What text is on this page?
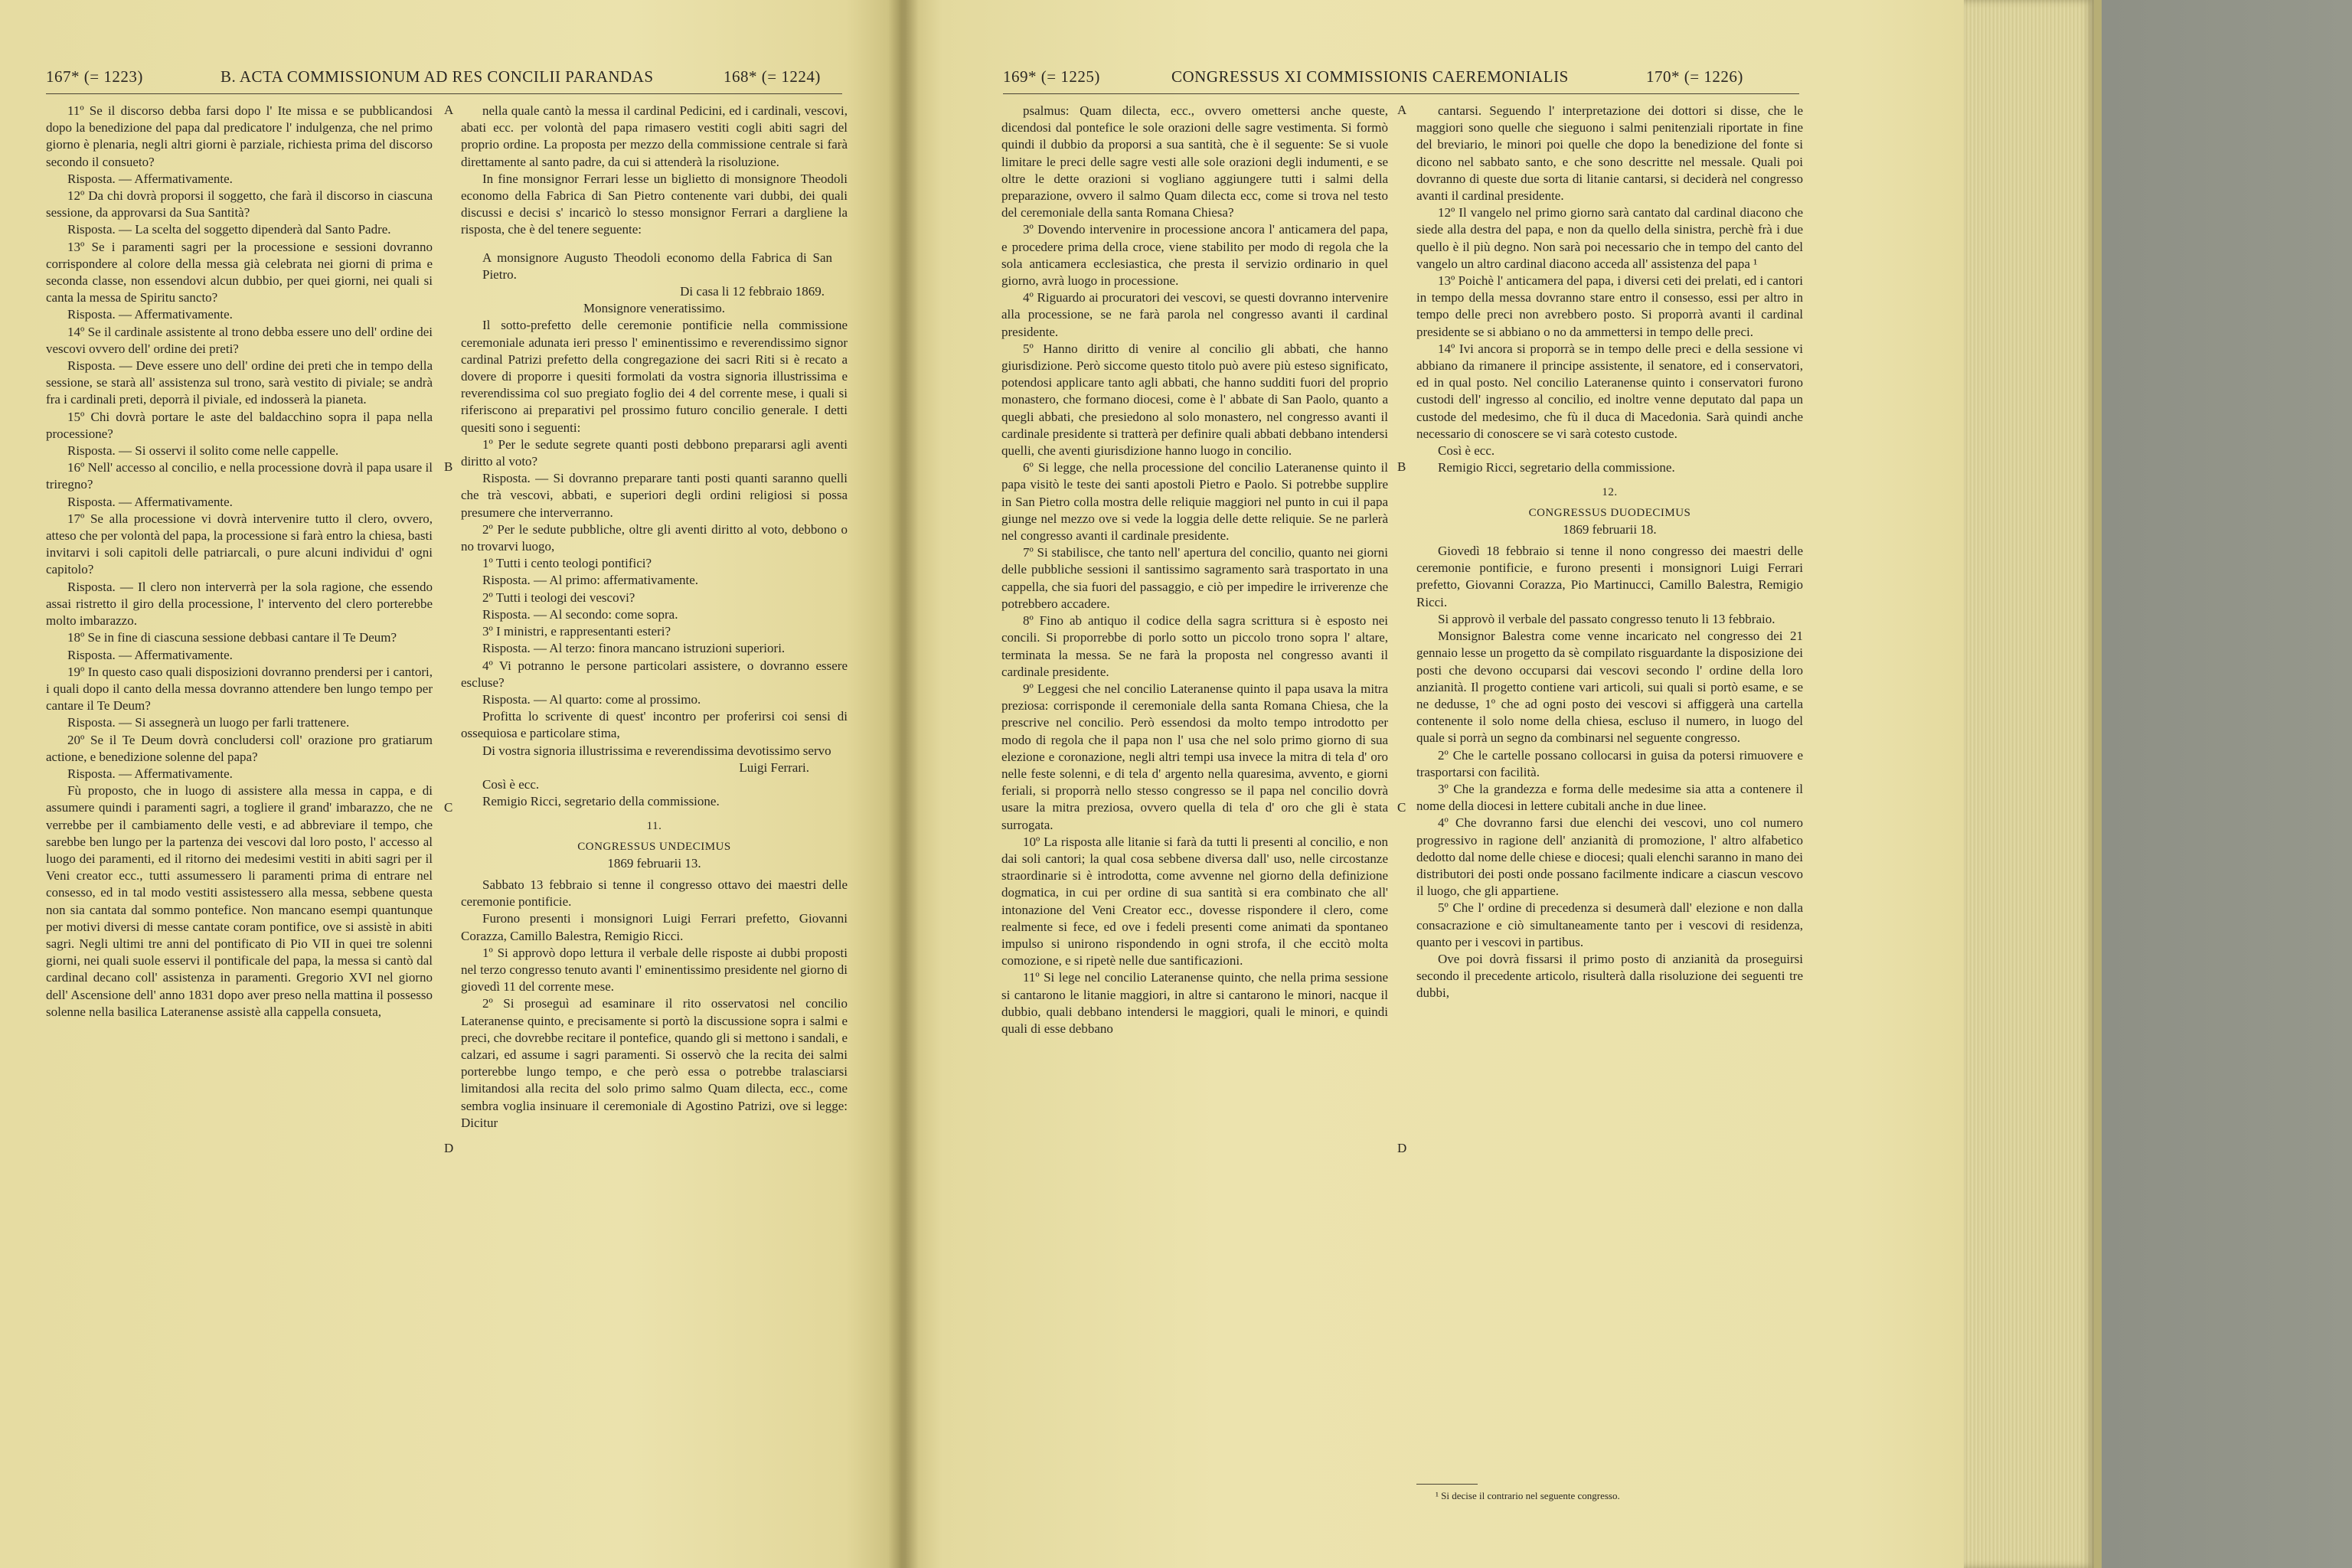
167* (= 1223)	B. ACTA COMMISSIONUM AD RES CONCILII PARANDAS	168* (= 1224)

11º Se il discorso debba farsi dopo l' Ite missa e se pubblicandosi dopo la benedizione del papa dal predicatore l' indulgenza, che nel primo giorno è plenaria, negli altri giorni è parziale, richiesta prima del discorso secondo il consueto?

Risposta. — Affermativamente.

12º Da chi dovrà proporsi il soggetto, che farà il discorso in ciascuna sessione, da approvarsi da Sua Santità?

Risposta. — La scelta del soggetto dipenderà dal Santo Padre.

13º Se i paramenti sagri per la processione e sessioni dovranno corrispondere al colore della messa già celebrata nei giorni di prima e seconda classe, non essendovi alcun dubbio, per quei giorni, nei quali si canta la messa de Spiritu sancto?

Risposta. — Affermativamente.

14º Se il cardinale assistente al trono debba essere uno dell' ordine dei vescovi ovvero dell' ordine dei preti?

Risposta. — Deve essere uno dell' ordine dei preti che in tempo della sessione, se starà all' assistenza sul trono, sarà vestito di piviale; se andrà fra i cardinali preti, deporrà il piviale, ed indosserà la pianeta.

15º Chi dovrà portare le aste del baldacchino sopra il papa nella processione?

Risposta. — Si osservi il solito come nelle cappelle.

16º Nell' accesso al concilio, e nella processione dovrà il papa usare il triregno?

Risposta. — Affermativamente.

17º Se alla processione vi dovrà intervenire tutto il clero, ovvero, atteso che per volontà del papa, la processione si farà entro la chiesa, basti invitarvi i soli capitoli delle patriarcali, o pure alcuni individui d' ogni capitolo?

Risposta. — Il clero non interverrà per la sola ragione, che essendo assai ristretto il giro della processione, l' intervento del clero porterebbe molto imbarazzo.

18º Se in fine di ciascuna sessione debbasi cantare il Te Deum?

Risposta. — Affermativamente.

19º In questo caso quali disposizioni dovranno prendersi per i cantori, i quali dopo il canto della messa dovranno attendere ben lungo tempo per cantare il Te Deum?

Risposta. — Si assegnerà un luogo per farli trattenere.

20º Se il Te Deum dovrà concludersi coll' orazione pro gratiarum actione, e benedizione solenne del papa?

Risposta. — Affermativamente.

Fù proposto, che in luogo di assistere alla messa in cappa, e di assumere quindi i paramenti sagri, a togliere il grand' imbarazzo, che ne verrebbe per il cambiamento delle vesti, e ad abbreviare il tempo, che sarebbe ben lungo per la partenza dei vescovi dal loro posto, l' accesso al luogo dei paramenti, ed il ritorno dei medesimi vestiti in abiti sagri per il Veni creator ecc., tutti assumessero li paramenti prima di entrare nel consesso, ed in tal modo vestiti assistessero alla messa, sebbene questa non sia cantata dal sommo pontefice. Non mancano esempi quantunque per motivi diversi di messe cantate coram pontifice, ove si assistè in abiti sagri. Negli ultimi tre anni del pontificato di Pio VII in quei tre solenni giorni, nei quali suole esservi il pontificale del papa, la messa si cantò dal cardinal decano coll' assistenza in paramenti. Gregorio XVI nel giorno dell' Ascensione dell' anno 1831 dopo aver preso nella mattina il possesso solenne nella basilica Lateranense assistè alla cappella consueta,

nella quale cantò la messa il cardinal Pedicini, ed i cardinali, vescovi, abati ecc. per volontà del papa rimasero vestiti cogli abiti sagri del proprio ordine. La proposta per mezzo della commissione centrale si farà direttamente al santo padre, da cui si attenderà la risoluzione.

In fine monsignor Ferrari lesse un biglietto di monsignore Theodoli economo della Fabrica di San Pietro contenente vari dubbi, dei quali discussi e decisi s' incaricò lo stesso monsignor Ferrari a dargliene la risposta, che è del tenere seguente:

A monsignore Augusto Theodoli economo della Fabrica di San Pietro.

Di casa li 12 febbraio 1869.

Monsignore veneratissimo.

Il sotto-prefetto delle ceremonie pontificie nella commissione ceremoniale adunata ieri presso l' eminentissimo e reverendissimo signor cardinal Patrizi prefetto della congregazione dei sacri Riti si è recato a dovere di proporre i quesiti formolati da vostra signoria illustrissima e reverendissima col suo pregiato foglio dei 4 del corrente mese, i quali si riferiscono ai preparativi pel prossimo futuro concilio generale. I detti quesiti sono i seguenti:

1º Per le sedute segrete quanti posti debbono prepararsi agli aventi diritto al voto?

Risposta. — Si dovranno preparare tanti posti quanti saranno quelli che trà vescovi, abbati, e superiori degli ordini religiosi si possa presumere che interverranno.

2º Per le sedute pubbliche, oltre gli aventi diritto al voto, debbono o no trovarvi luogo,

1º Tutti i cento teologi pontifici?

Risposta. — Al primo: affermativamente.

2º Tutti i teologi dei vescovi?

Risposta. — Al secondo: come sopra.

3º I ministri, e rappresentanti esteri?

Risposta. — Al terzo: finora mancano istruzioni superiori.

4º Vi potranno le persone particolari assistere, o dovranno essere escluse?

Risposta. — Al quarto: come al prossimo.

Profitta lo scrivente di quest' incontro per proferirsi coi sensi di ossequiosa e particolare stima,

Di vostra signoria illustrissima e reverendissima devotissimo servo

Luigi Ferrari.

Così è ecc.

Remigio Ricci, segretario della commissione.

11.

CONGRESSUS UNDECIMUS

1869 februarii 13.

Sabbato 13 febbraio si tenne il congresso ottavo dei maestri delle ceremonie pontificie.

Furono presenti i monsignori Luigi Ferrari prefetto, Giovanni Corazza, Camillo Balestra, Remigio Ricci.

1º Si approvò dopo lettura il verbale delle risposte ai dubbi proposti nel terzo congresso tenuto avanti l' eminentissimo presidente nel giorno di giovedì 11 del corrente mese.

2º Si proseguì ad esaminare il rito osservatosi nel concilio Lateranense quinto, e precisamente si portò la discussione sopra i salmi e preci, che dovrebbe recitare il pontefice, quando gli si mettono i sandali, e calzari, ed assume i sagri paramenti. Si osservò che la recita dei salmi porterebbe lungo tempo, e che però essa o potrebbe tralasciarsi limitandosi alla recita del solo primo salmo Quam dilecta, ecc., come sembra voglia insinuare il ceremoniale di Agostino Patrizi, ove si legge: Dicitur

A
B
C
D
169* (= 1225)	CONGRESSUS XI COMMISSIONIS CAEREMONIALIS	170* (= 1226)

psalmus: Quam dilecta, ecc., ovvero omettersi anche queste, dicendosi dal pontefice le sole orazioni delle sagre vestimenta. Si formò quindi il dubbio da proporsi a sua santità, che è il seguente: Se si vuole limitare le preci delle sagre vesti alle sole orazioni degli indumenti, e se oltre le dette orazioni si vogliano aggiungere tutti i salmi della preparazione, ovvero il salmo Quam dilecta ecc, come si trova nel testo del ceremoniale della santa Romana Chiesa?

3º Dovendo intervenire in processione ancora l' anticamera del papa, e procedere prima della croce, viene stabilito per modo di regola che la sola anticamera ecclesiastica, che presta il servizio ordinario in quel giorno, avrà luogo in processione.

4º Riguardo ai procuratori dei vescovi, se questi dovranno intervenire alla processione, se ne farà parola nel congresso avanti il cardinal presidente.

5º Hanno diritto di venire al concilio gli abbati, che hanno giurisdizione. Però siccome questo titolo può avere più esteso significato, potendosi applicare tanto agli abbati, che hanno sudditi fuori del proprio monastero, che formano diocesi, come è l' abbate di San Paolo, quanto a quegli abbati, che presiedono al solo monastero, nel congresso avanti il cardinale presidente si tratterà per definire quali abbati debbano intendersi quelli, che aventi giurisdizione hanno luogo in concilio.

6º Si legge, che nella processione del concilio Lateranense quinto il papa visitò le teste dei santi apostoli Pietro e Paolo. Si potrebbe supplire in San Pietro colla mostra delle reliquie maggiori nel punto in cui il papa giunge nel mezzo ove si vede la loggia delle dette reliquie. Se ne parlerà nel congresso avanti il cardinale presidente.

7º Si stabilisce, che tanto nell' apertura del concilio, quanto nei giorni delle pubbliche sessioni il santissimo sagramento sarà trasportato in una cappella, che sia fuori del passaggio, e ciò per impedire le irriverenze che potrebbero accadere.

8º Fino ab antiquo il codice della sagra scrittura si è esposto nei concili. Si proporrebbe di porlo sotto un piccolo trono sopra l' altare, terminata la messa. Se ne farà la proposta nel congresso avanti il cardinale presidente.

9º Leggesi che nel concilio Lateranense quinto il papa usava la mitra preziosa: corrisponde il ceremoniale della santa Romana Chiesa, che la prescrive nel concilio. Però essendosi da molto tempo introdotto per modo di regola che il papa non l' usa che nel solo primo giorno di sua elezione e coronazione, negli altri tempi usa invece la mitra di tela d' oro nelle feste solenni, e di tela d' argento nella quaresima, avvento, e giorni feriali, si proporrà nello stesso congresso se il papa nel concilio dovrà usare la mitra preziosa, ovvero quella di tela d' oro che gli è stata surrogata.

10º La risposta alle litanie si farà da tutti li presenti al concilio, e non dai soli cantori; la qual cosa sebbene diversa dall' uso, nelle circostanze straordinarie si è introdotta, come avvenne nel giorno della definizione dogmatica, in cui per ordine di sua santità si era combinato che all' intonazione del Veni Creator ecc., dovesse rispondere il clero, come realmente si fece, ed ove i fedeli presenti come animati da spontaneo impulso si unirono rispondendo in ogni strofa, il che eccitò molta comozione, e si ripetè nelle due santificazioni.

11º Si lege nel concilio Lateranense quinto, che nella prima sessione si cantarono le litanie maggiori, in altre si cantarono le minori, nacque il dubbio, quali debbano intendersi le maggiori, quali le minori, e quindi quali di esse debbano

cantarsi. Seguendo l' interpretazione dei dottori si disse, che le maggiori sono quelle che sieguono i salmi penitenziali riportate in fine del breviario, le minori poi quelle che dopo la benedizione del fonte si dicono nel sabbato santo, e che sono descritte nel messale. Quali poi dovranno di queste due sorta di litanie cantarsi, si deciderà nel congresso avanti il cardinal presidente.

12º Il vangelo nel primo giorno sarà cantato dal cardinal diacono che siede alla destra del papa, e non da quello della sinistra, perchè frà i due quello è il più degno. Non sarà poi necessario che in tempo del canto del vangelo un altro cardinal diacono acceda all' assistenza del papa ¹

13º Poichè l' anticamera del papa, i diversi ceti dei prelati, ed i cantori in tempo della messa dovranno stare entro il consesso, essi per altro in tempo delle preci non avrebbero posto. Si proporrà avanti il cardinal presidente se si abbiano o no da ammettersi in tempo delle preci.

14º Ivi ancora si proporrà se in tempo delle preci e della sessione vi abbiano da rimanere il principe assistente, il senatore, ed i conservatori, ed in qual posto. Nel concilio Lateranense quinto i conservatori furono custodi dell' ingresso al concilio, ed inoltre venne deputato dal papa un custode del medesimo, che fù il duca di Macedonia. Sarà quindi anche necessario di conoscere se vi sarà cotesto custode.

Così è ecc.

Remigio Ricci, segretario della commissione.

12.

CONGRESSUS DUODECIMUS

1869 februarii 18.

Giovedì 18 febbraio si tenne il nono congresso dei maestri delle ceremonie pontificie, e furono presenti i monsignori Luigi Ferrari prefetto, Giovanni Corazza, Pio Martinucci, Camillo Balestra, Remigio Ricci.

Si approvò il verbale del passato congresso tenuto li 13 febbraio.

Monsignor Balestra come venne incaricato nel congresso dei 21 gennaio lesse un progetto da sè compilato risguardante la disposizione dei posti che devono occuparsi dai vescovi secondo l' ordine della loro anzianità. Il progetto contiene vari articoli, sui quali si portò esame, e se ne dedusse, 1º che ad ogni posto dei vescovi si affiggerà una cartella contenente il solo nome della chiesa, escluso il numero, in luogo del quale si porrà un segno da combinarsi nel seguente congresso.

2º Che le cartelle possano collocarsi in guisa da potersi rimuovere e trasportarsi con facilità.

3º Che la grandezza e forma delle medesime sia atta a contenere il nome della diocesi in lettere cubitali anche in due linee.

4º Che dovranno farsi due elenchi dei vescovi, uno col numero progressivo in ragione dell' anzianità di promozione, l' altro alfabetico dedotto dal nome delle chiese e diocesi; quali elenchi saranno in mano dei distributori dei posti onde possano facilmente indicare a ciascun vescovo il luogo, che gli appartiene.

5º Che l' ordine di precedenza si desumerà dall' elezione e non dalla consacrazione e ciò simultaneamente tanto per i vescovi di residenza, quanto per i vescovi in partibus.

Ove poi dovrà fissarsi il primo posto di anzianità da proseguirsi secondo il precedente articolo, risulterà dalla risoluzione dei seguenti tre dubbi,

¹ Si decise il contrario nel seguente congresso.
A
B
C
D
